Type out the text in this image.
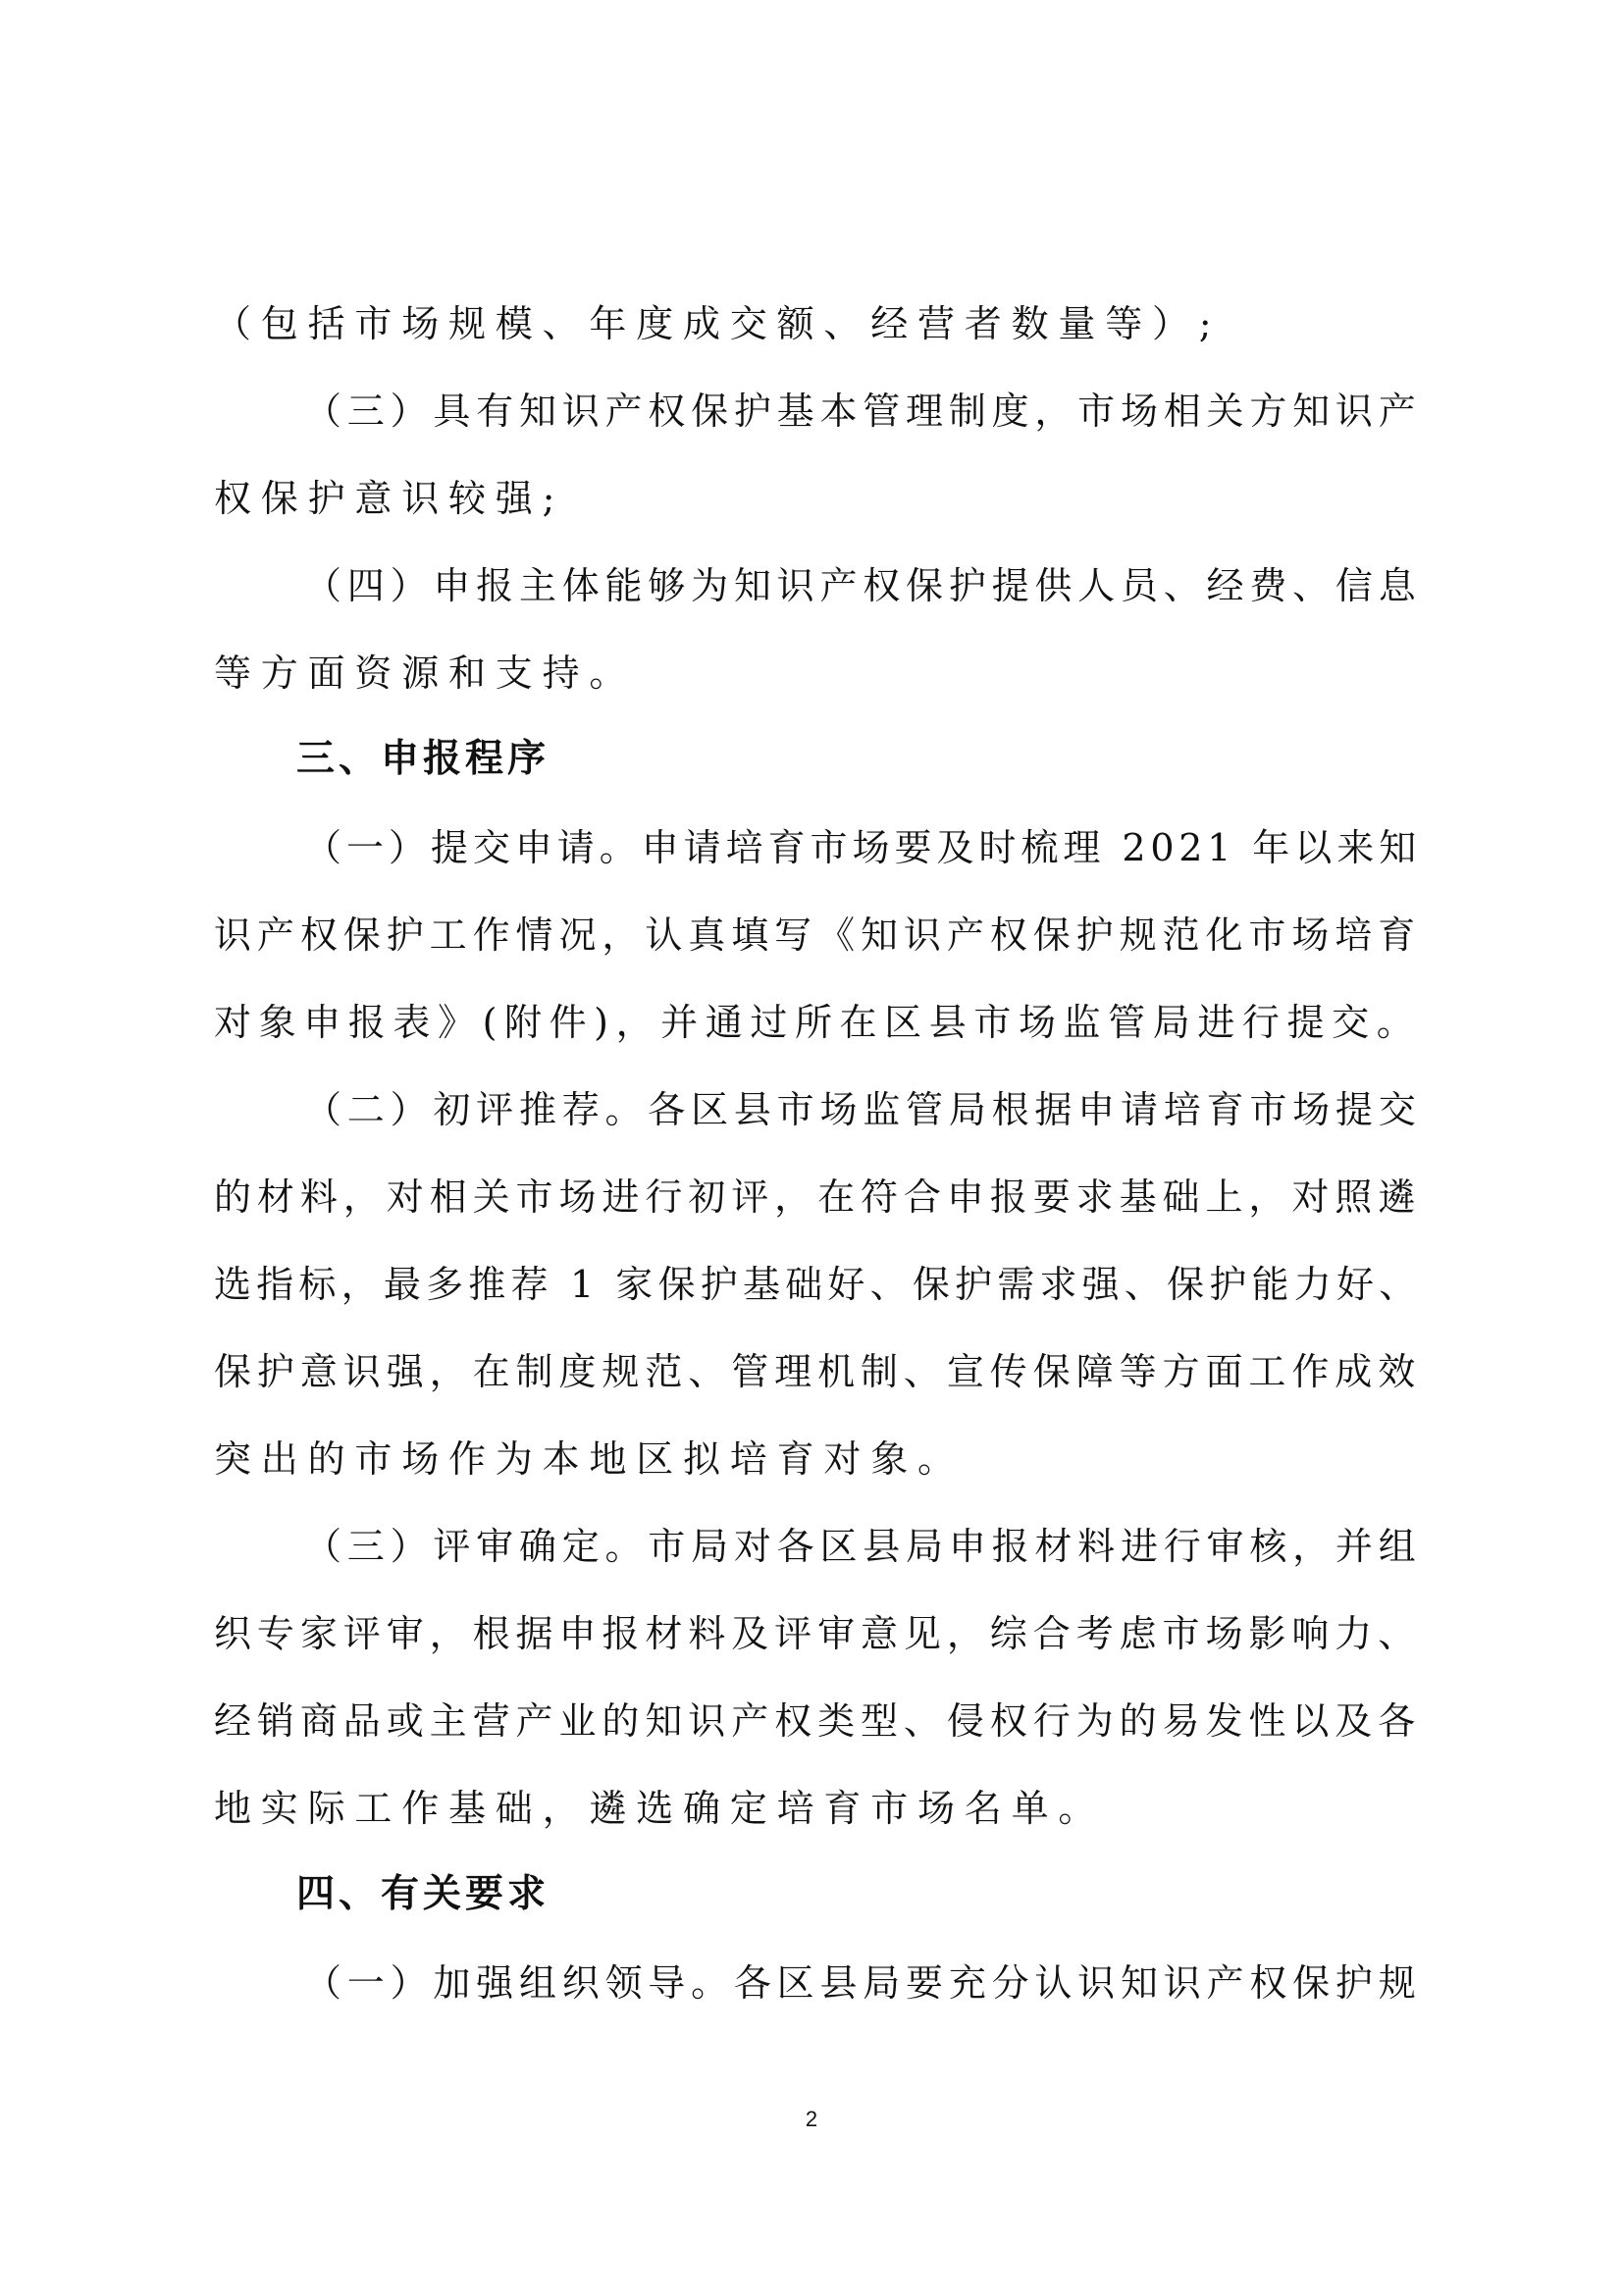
（包括市场规模、年度成交额、经营者数量等）;
（三）具有知识产权保护基本管理制度，市场相关方知识产
权保护意识较强;
（四）申报主体能够为知识产权保护提供人员、经费、信息
等方面资源和支持。
三、申报程序
（一）提交申请。申请培育市场要及时梳理 2021 年以来知
识产权保护工作情况，认真填写《知识产权保护规范化市场培育
对象申报表》(附件)，并通过所在区县市场监管局进行提交。
（二）初评推荐。各区县市场监管局根据申请培育市场提交
的材料，对相关市场进行初评，在符合申报要求基础上，对照遴
选指标，最多推荐 1 家保护基础好、保护需求强、保护能力好、
保护意识强，在制度规范、管理机制、宣传保障等方面工作成效
突出的市场作为本地区拟培育对象。
（三）评审确定。市局对各区县局申报材料进行审核，并组
织专家评审，根据申报材料及评审意见，综合考虑市场影响力、
经销商品或主营产业的知识产权类型、侵权行为的易发性以及各
地实际工作基础，遴选确定培育市场名单。
四、有关要求
（一）加强组织领导。各区县局要充分认识知识产权保护规
2
